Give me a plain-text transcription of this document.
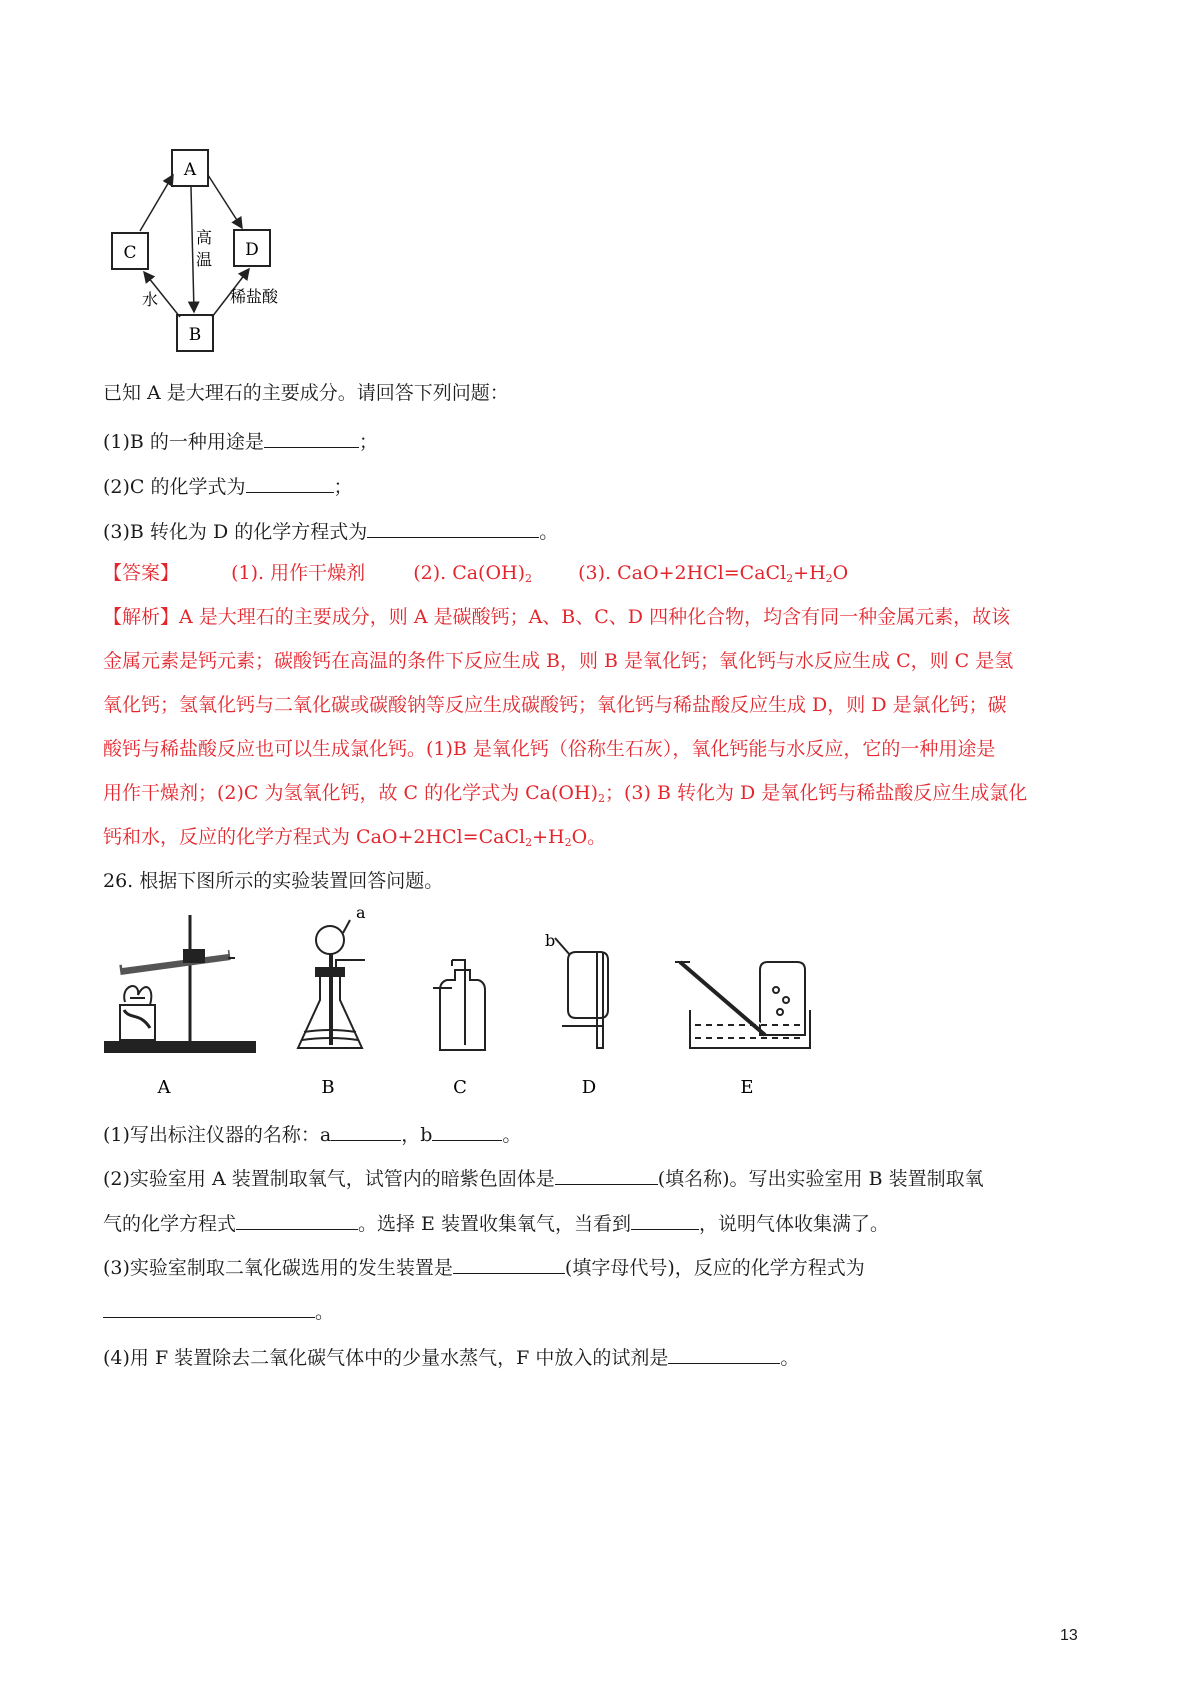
A
C	D
B
高
温
水	稀盐酸
已知 A 是大理石的主要成分。请回答下列问题：
(1)B 的一种用途是	；
(2)C 的化学式为	；
(3)B 转化为 D 的化学方程式为	。
【答案】	(1). 用作干燥剂	(2). $Ca(OH)_2$ (3). $CaO+2HCl=CaCl_2+H_2O$
【解析】A 是大理石的主要成分，则 A 是碳酸钙；A、B、C、D 四种化合物，均含有同一种金属元素，故该
金属元素是钙元素；碳酸钙在高温的条件下反应生成 B，则 B 是氧化钙；氧化钙与水反应生成 C，则 C 是氢
氧化钙；氢氧化钙与二氧化碳或碳酸钠等反应生成碳酸钙；氧化钙与稀盐酸反应生成 D，则 D 是氯化钙；碳
酸钙与稀盐酸反应也可以生成氯化钙。(1)B 是氧化钙（俗称生石灰），氧化钙能与水反应，它的一种用途是
用作干燥剂；(2)C 为氢氧化钙，故 C 的化学式为 $Ca(OH)_2$；(3) B 转化为 D 是氧化钙与稀盐酸反应生成氯化
钙和水，反应的化学方程式为 $CaO+2HCl=CaCl_2+H_2O$。
26. 根据下图所示的实验装置回答问题。
a
b
A	B	C	D	E
(1)写出标注仪器的名称：a	，b	。
(2)实验室用 A 装置制取氧气，试管内的暗紫色固体是	(填名称)。写出实验室用 B 装置制取氧
气的化学方程式	。选择 E 装置收集氧气，当看到	，说明气体收集满了。
(3)实验室制取二氧化碳选用的发生装置是	(填字母代号)，反应的化学方程式为
。
(4)用 F 装置除去二氧化碳气体中的少量水蒸气，F 中放入的试剂是	。
13
